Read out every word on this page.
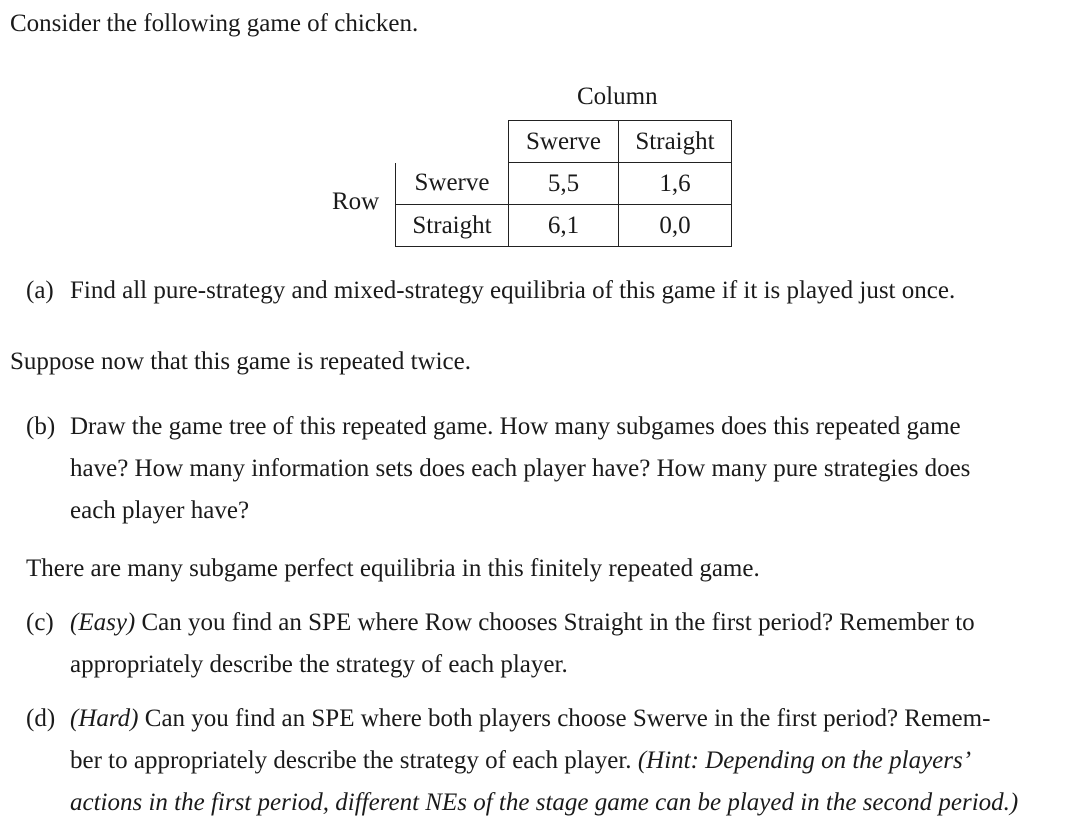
Consider the following game of chicken.
Column
Row
	Swerve	Straight
Swerve	5,5	1,6
Straight	6,1	0,0
(a) Find all pure-strategy and mixed-strategy equilibria of this game if it is played just once.
Suppose now that this game is repeated twice.
(b) Draw the game tree of this repeated game. How many subgames does this repeated game
have? How many information sets does each player have? How many pure strategies does
each player have?
There are many subgame perfect equilibria in this finitely repeated game.
(c) (Easy) Can you find an SPE where Row chooses Straight in the first period? Remember to
appropriately describe the strategy of each player.
(d) (Hard) Can you find an SPE where both players choose Swerve in the first period? Remem-
ber to appropriately describe the strategy of each player. (Hint: Depending on the players’
actions in the first period, different NEs of the stage game can be played in the second period.)
